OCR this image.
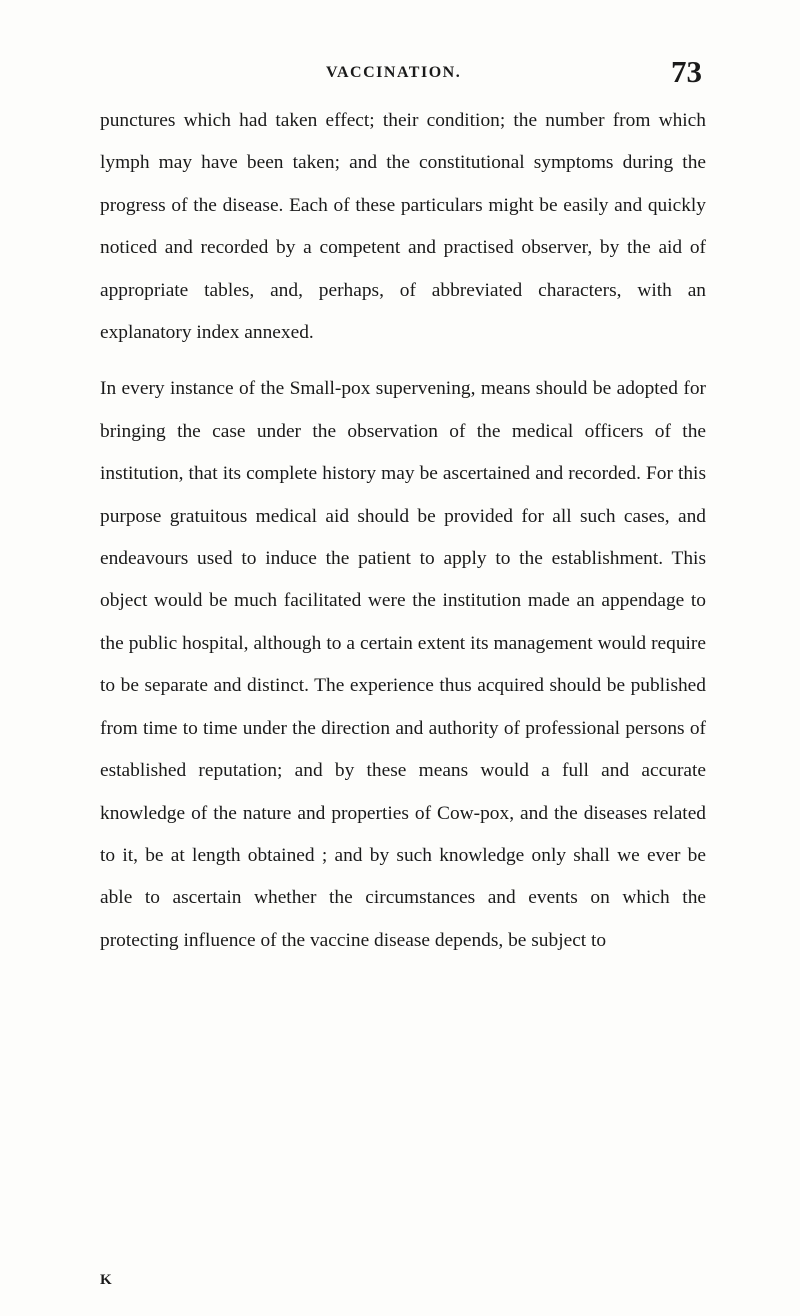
VACCINATION.	73

punctures which had taken effect; their condition; the number from which lymph may have been taken; and the constitutional symptoms during the progress of the disease. Each of these particulars might be easily and quickly noticed and recorded by a competent and practised observer, by the aid of appropriate tables, and, perhaps, of abbreviated characters, with an explanatory index annexed.

In every instance of the Small-pox supervening, means should be adopted for bringing the case under the observation of the medical officers of the institution, that its complete history may be ascertained and recorded. For this purpose gratuitous medical aid should be provided for all such cases, and endeavours used to induce the patient to apply to the establishment. This object would be much facilitated were the institution made an appendage to the public hospital, although to a certain extent its management would require to be separate and distinct. The experience thus acquired should be published from time to time under the direction and authority of professional persons of established reputation; and by these means would a full and accurate knowledge of the nature and properties of Cow-pox, and the diseases related to it, be at length obtained ; and by such knowledge only shall we ever be able to ascertain whether the circumstances and events on which the protecting influence of the vaccine disease depends, be subject to

K
